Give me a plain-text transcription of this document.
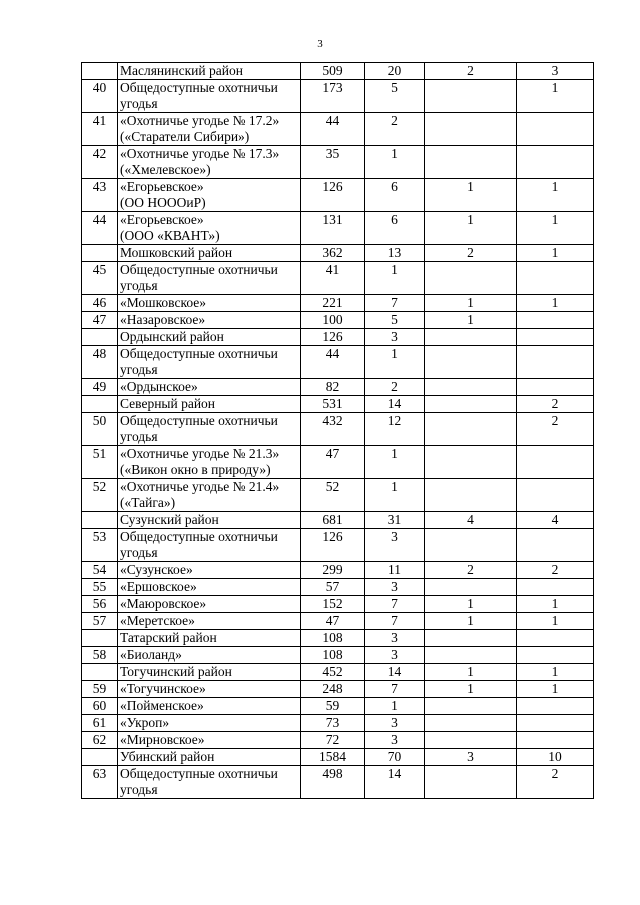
3
	Маслянинский район	509	20	2	3
40	Общедоступные охотничьи
угодья	173	5		1
41	«Охотничье угодье № 17.2»
(«Старатели Сибири»)	44	2		
42	«Охотничье угодье № 17.3»
(«Хмелевское»)	35	1		
43	«Егорьевское»
(ОО НОООиР)	126	6	1	1
44	«Егорьевское»
(ООО «КВАНТ»)	131	6	1	1
	Мошковский район	362	13	2	1
45	Общедоступные охотничьи
угодья	41	1		
46	«Мошковское»	221	7	1	1
47	«Назаровское»	100	5	1	
	Ордынский район	126	3		
48	Общедоступные охотничьи
угодья	44	1		
49	«Ордынское»	82	2		
	Северный район	531	14		2
50	Общедоступные охотничьи
угодья	432	12		2
51	«Охотничье угодье № 21.3»
(«Викон окно в природу»)	47	1		
52	«Охотничье угодье № 21.4»
(«Тайга»)	52	1		
	Сузунский район	681	31	4	4
53	Общедоступные охотничьи
угодья	126	3		
54	«Сузунское»	299	11	2	2
55	«Ершовское»	57	3		
56	«Маюровское»	152	7	1	1
57	«Меретское»	47	7	1	1
	Татарский район	108	3		
58	«Биоланд»	108	3		
	Тогучинский район	452	14	1	1
59	«Тогучинское»	248	7	1	1
60	«Пойменское»	59	1		
61	«Укроп»	73	3		
62	«Мирновское»	72	3		
	Убинский район	1584	70	3	10
63	Общедоступные охотничьи
угодья	498	14		2
